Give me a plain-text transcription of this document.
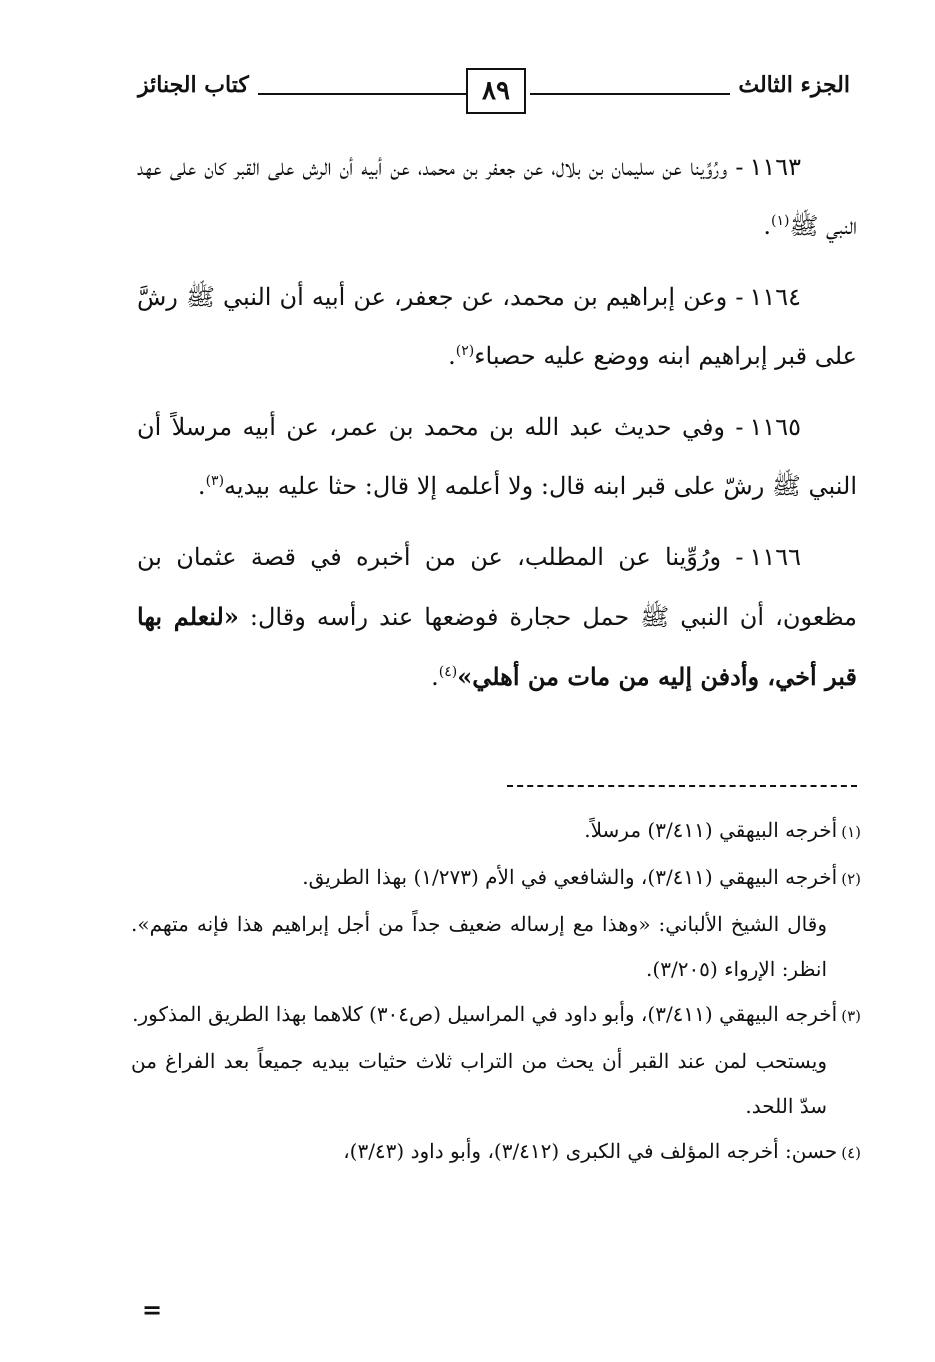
الجزء الثالث
٨٩
كتاب الجنائز

١١٦٣- ورُوِّينا عن سليمان بن بلال، عن جعفر بن محمد، عن أبيه أن الرش على القبر كان على عهد النبي ﷺ$^{(١)}$.

١١٦٤- وعن إبراهيم بن محمد، عن جعفر، عن أبيه أن النبي ﷺ رشَّ على قبر إبراهيم ابنه ووضع عليه حصباء$^{(٢)}$.

١١٦٥- وفي حديث عبد الله بن محمد بن عمر، عن أبيه مرسلاً أن النبي ﷺ رشّ على قبر ابنه قال: ولا أعلمه إلا قال: حثا عليه بيديه$^{(٣)}$.

١١٦٦- ورُوِّينا عن المطلب، عن من أخبره في قصة عثمان بن مظعون، أن النبي ﷺ حمل حجارة فوضعها عند رأسه وقال: «لنعلم بها قبر أخي، وأدفن إليه من مات من أهلي»$^{(٤)}$.

(١)أخرجه البيهقي (٣/٤١١) مرسلاً.

(٢)أخرجه البيهقي (٣/٤١١)، والشافعي في الأم (١/٢٧٣) بهذا الطريق.

وقال الشيخ الألباني: «وهذا مع إرساله ضعيف جداً من أجل إبراهيم هذا فإنه متهم». انظر: الإرواء (٣/٢٠٥).

(٣)أخرجه البيهقي (٣/٤١١)، وأبو داود في المراسيل (ص٣٠٤) كلاهما بهذا الطريق المذكور.

ويستحب لمن عند القبر أن يحث من التراب ثلاث حثيات بيديه جميعاً بعد الفراغ من سدّ اللحد.

(٤)حسن: أخرجه المؤلف في الكبرى (٣/٤١٢)، وأبو داود (٣/٤٣)،

=
